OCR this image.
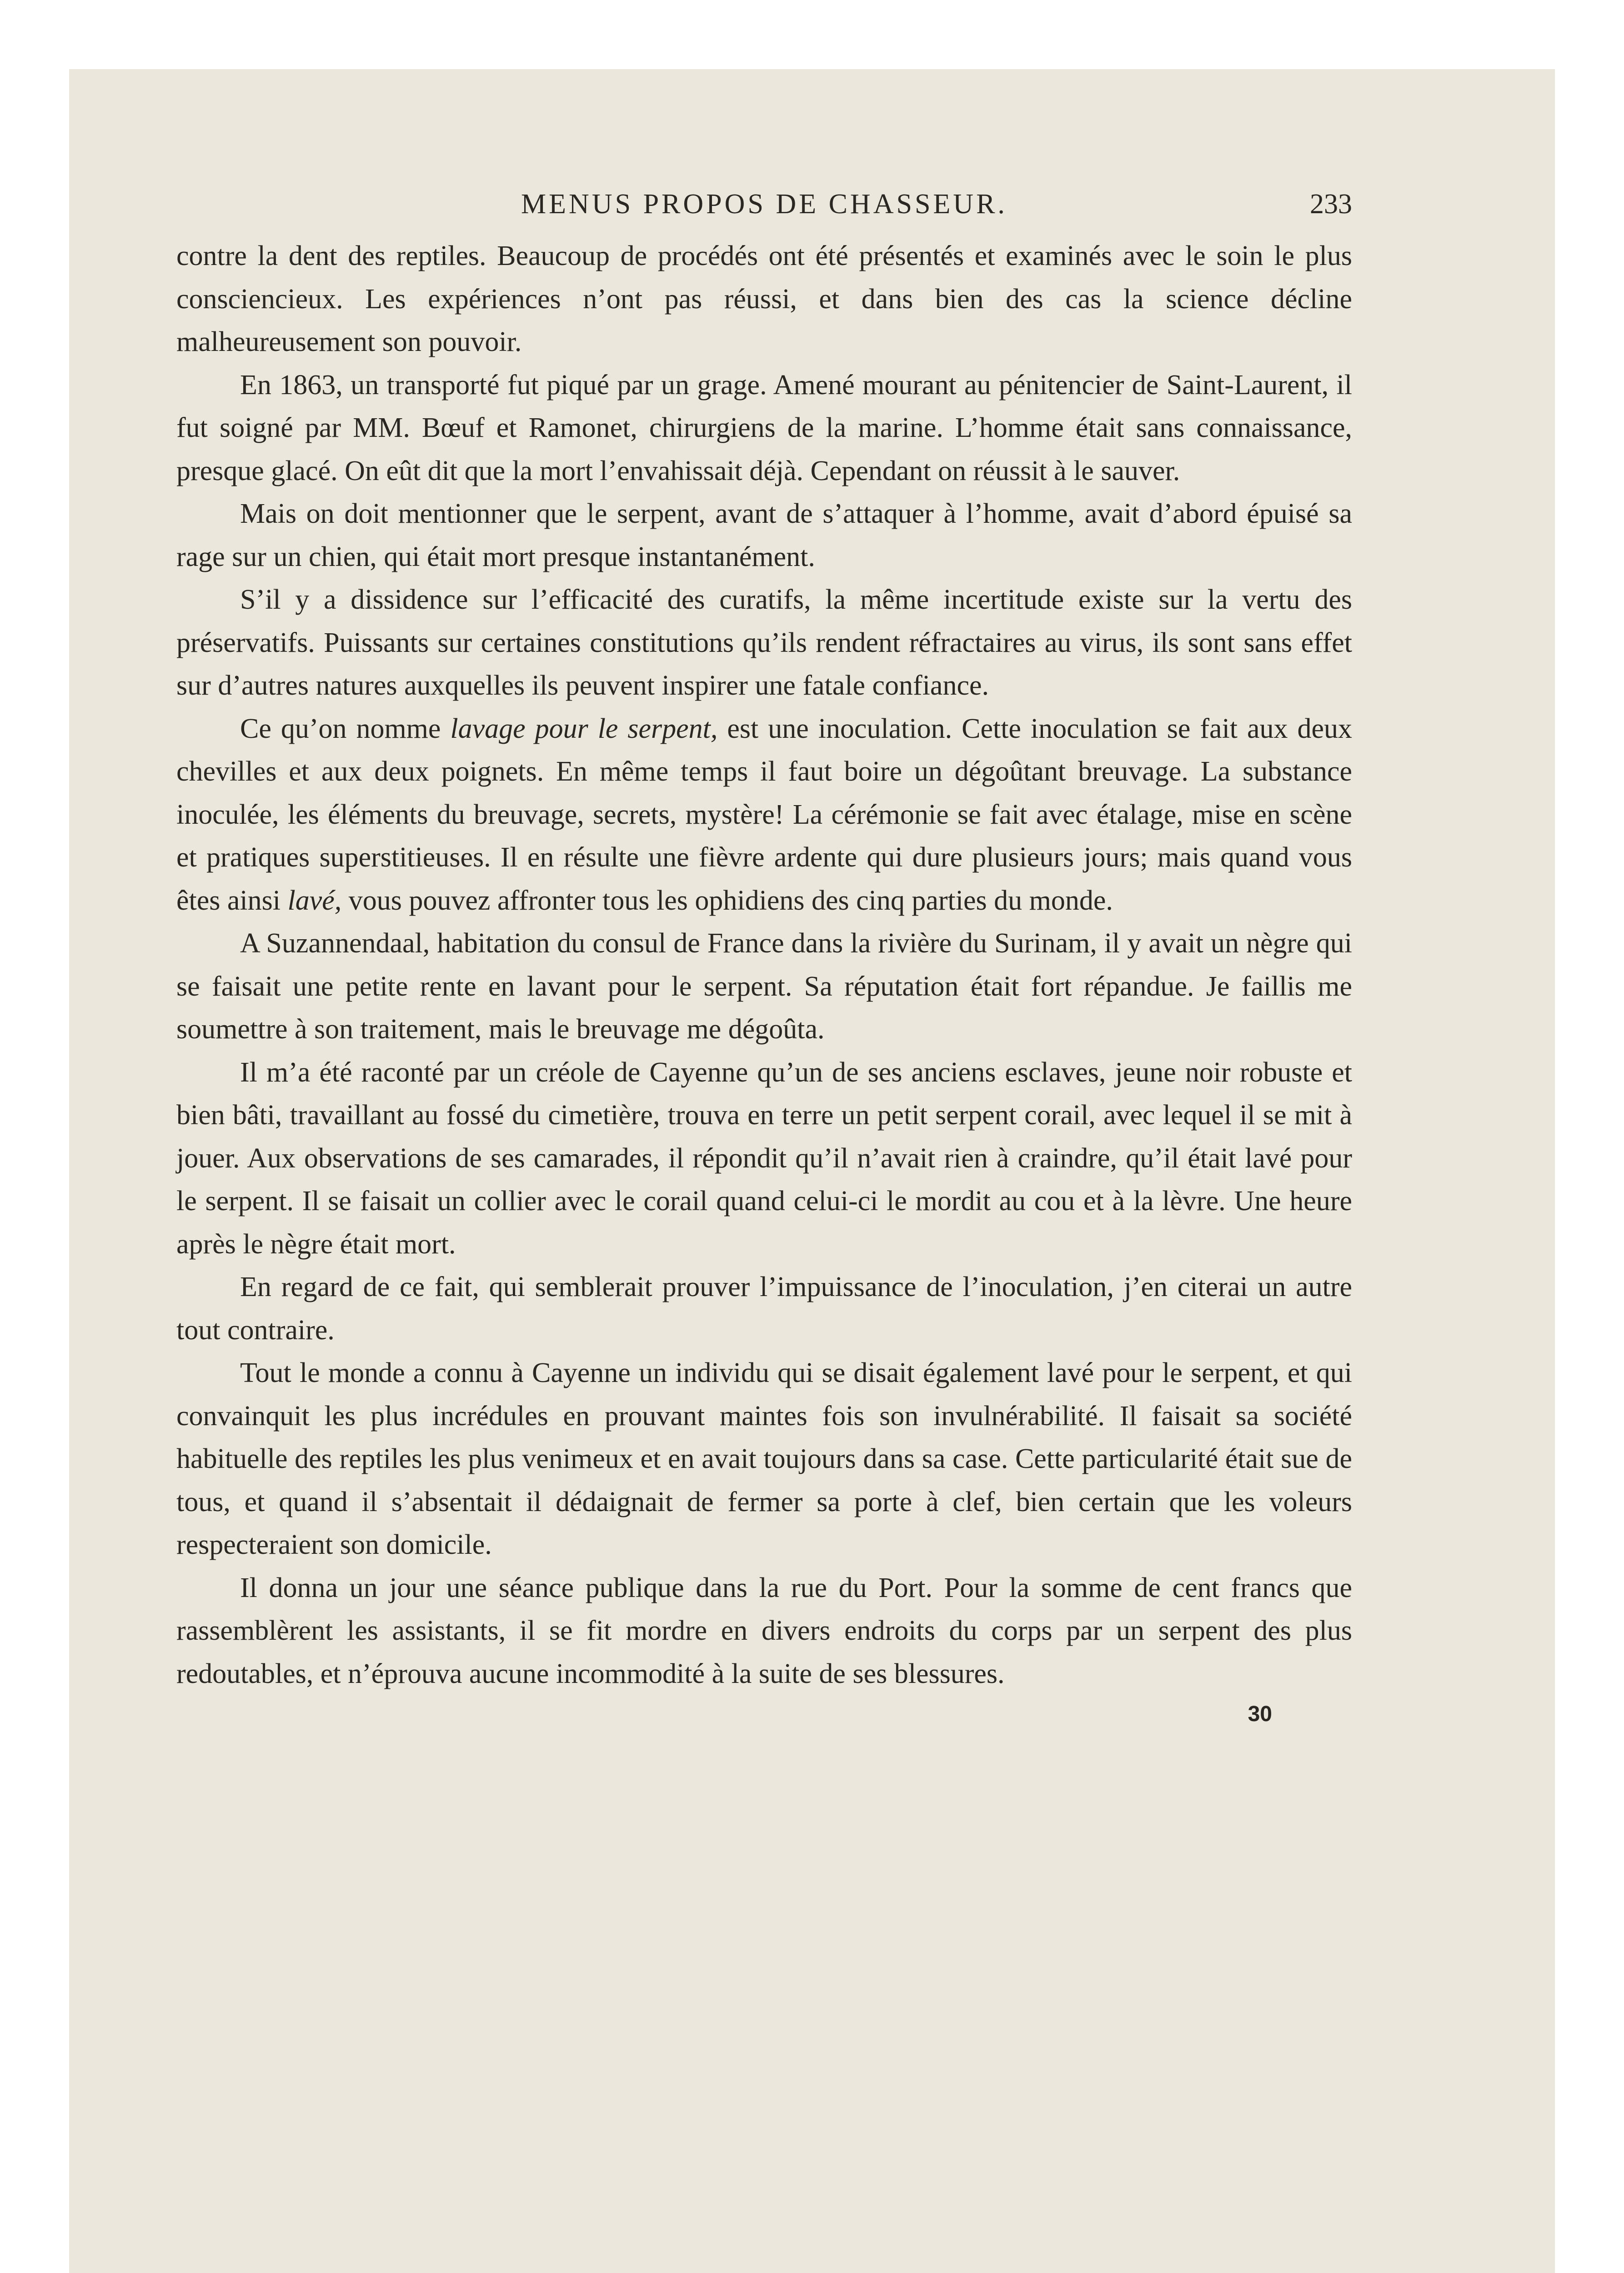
MENUS PROPOS DE CHASSEUR.	233

contre la dent des reptiles. Beaucoup de procédés ont été présentés et examinés avec le soin le plus consciencieux. Les expériences n’ont pas réussi, et dans bien des cas la science décline malheureusement son pouvoir.

En 1863, un transporté fut piqué par un grage. Amené mourant au pénitencier de Saint-Laurent, il fut soigné par MM. Bœuf et Ramonet, chirurgiens de la marine. L’homme était sans connaissance, presque glacé. On eût dit que la mort l’envahissait déjà. Cependant on réussit à le sauver.

Mais on doit mentionner que le serpent, avant de s’attaquer à l’homme, avait d’abord épuisé sa rage sur un chien, qui était mort presque instantanément.

S’il y a dissidence sur l’efficacité des curatifs, la même incertitude existe sur la vertu des préservatifs. Puissants sur certaines constitutions qu’ils rendent réfractaires au virus, ils sont sans effet sur d’autres natures auxquelles ils peuvent inspirer une fatale confiance.

Ce qu’on nomme lavage pour le serpent, est une inoculation. Cette inoculation se fait aux deux chevilles et aux deux poignets. En même temps il faut boire un dégoûtant breuvage. La substance inoculée, les éléments du breuvage, secrets, mystère! La cérémonie se fait avec étalage, mise en scène et pratiques superstitieuses. Il en résulte une fièvre ardente qui dure plusieurs jours; mais quand vous êtes ainsi lavé, vous pouvez affronter tous les ophidiens des cinq parties du monde.

A Suzannendaal, habitation du consul de France dans la rivière du Surinam, il y avait un nègre qui se faisait une petite rente en lavant pour le serpent. Sa réputation était fort répandue. Je faillis me soumettre à son traitement, mais le breuvage me dégoûta.

Il m’a été raconté par un créole de Cayenne qu’un de ses anciens esclaves, jeune noir robuste et bien bâti, travaillant au fossé du cimetière, trouva en terre un petit serpent corail, avec lequel il se mit à jouer. Aux observations de ses camarades, il répondit qu’il n’avait rien à craindre, qu’il était lavé pour le serpent. Il se faisait un collier avec le corail quand celui-ci le mordit au cou et à la lèvre. Une heure après le nègre était mort.

En regard de ce fait, qui semblerait prouver l’impuissance de l’inoculation, j’en citerai un autre tout contraire.

Tout le monde a connu à Cayenne un individu qui se disait également lavé pour le serpent, et qui convainquit les plus incrédules en prouvant maintes fois son invulnérabilité. Il faisait sa société habituelle des reptiles les plus venimeux et en avait toujours dans sa case. Cette particularité était sue de tous, et quand il s’absentait il dédaignait de fermer sa porte à clef, bien certain que les voleurs respecteraient son domicile.

Il donna un jour une séance publique dans la rue du Port. Pour la somme de cent francs que rassemblèrent les assistants, il se fit mordre en divers endroits du corps par un serpent des plus redoutables, et n’éprouva aucune incommodité à la suite de ses blessures.

30
